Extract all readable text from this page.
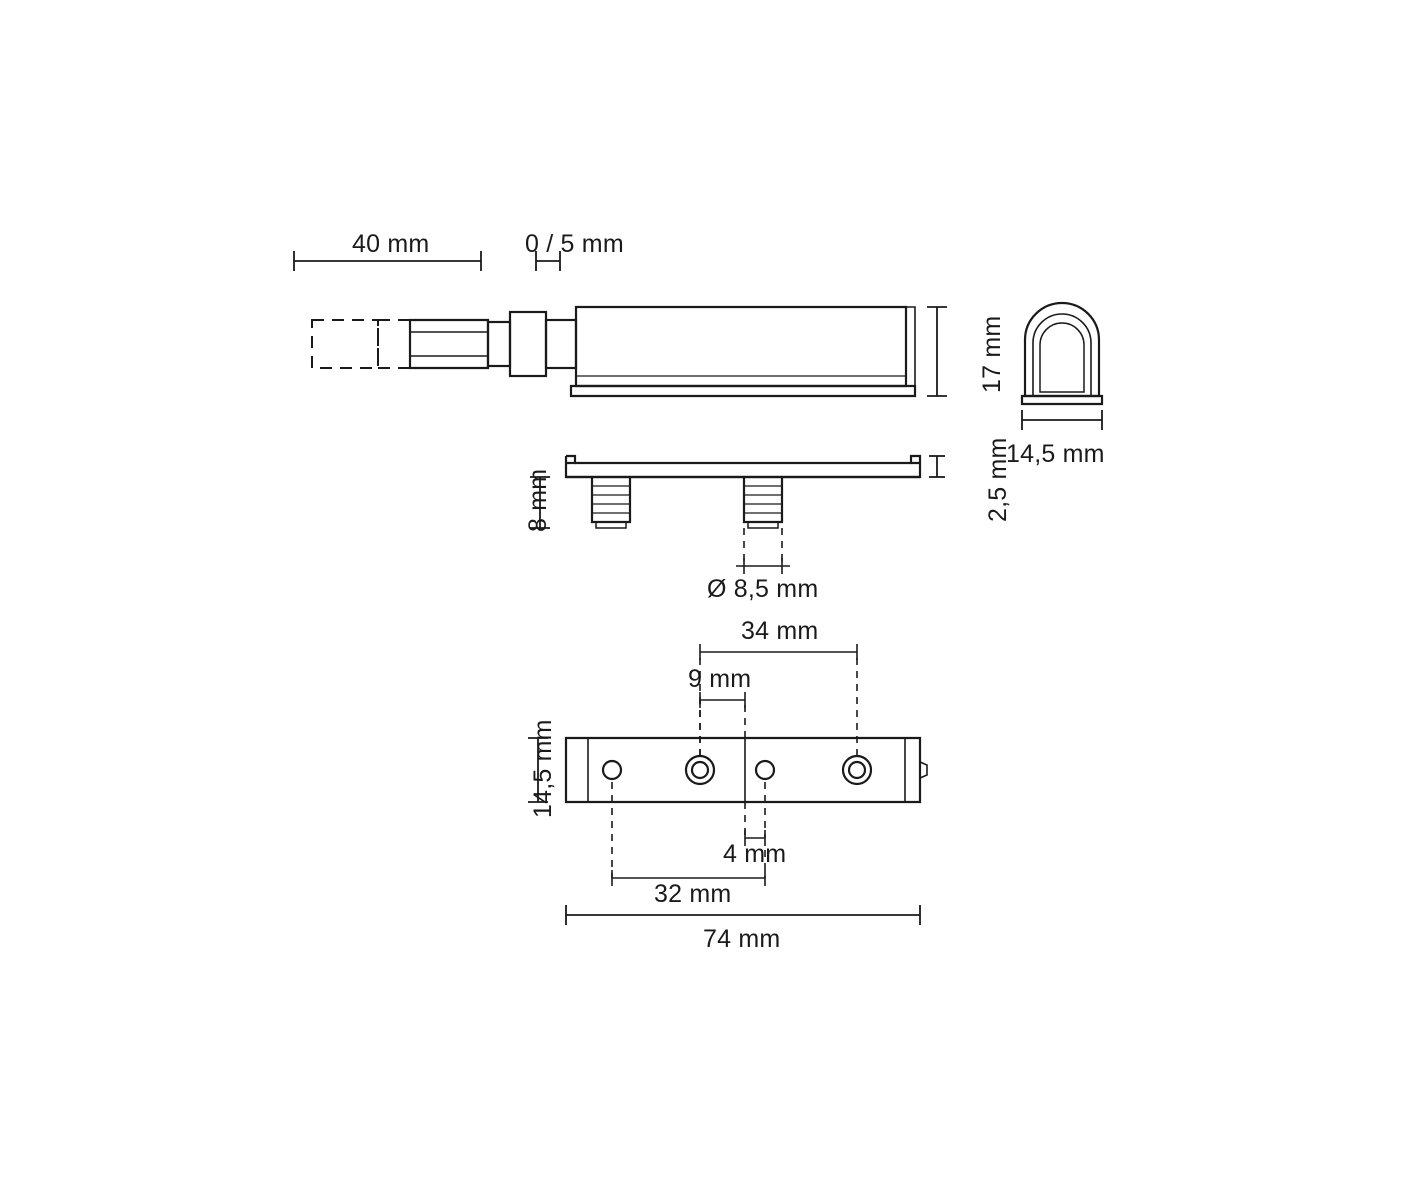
40 mm	0 / 5 mm
17 mm
14,5 mm
2,5 mm
8 mm
Ø 8,5 mm
34 mm
9 mm
14,5 mm
4 mm
32 mm
74 mm
